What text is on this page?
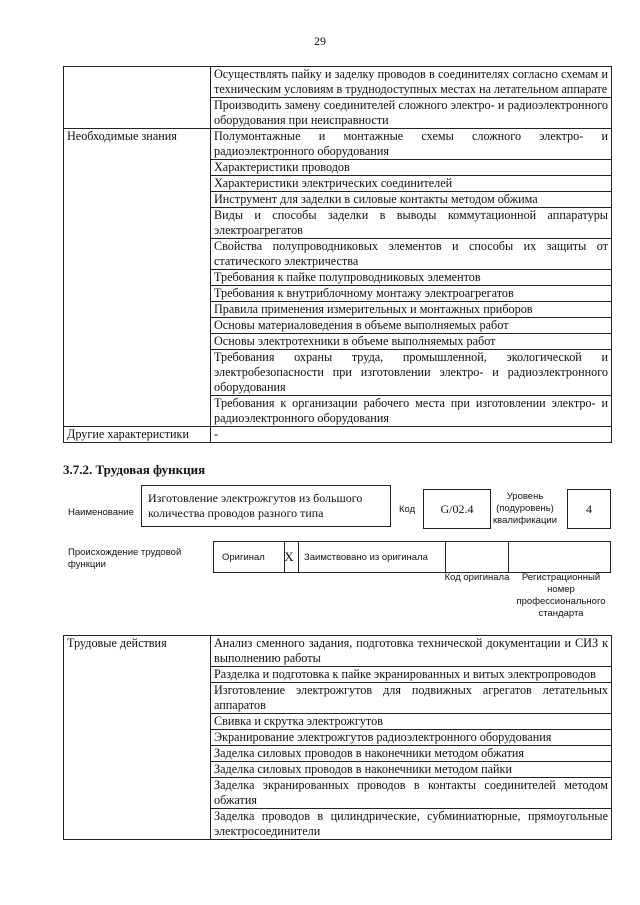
29
	Осуществлять пайку и заделку проводов в соединителях согласно схемам и техническим условиям в труднодоступных местах на летательном аппарате
	Производить замену соединителей сложного электро- и радиоэлектронного оборудования при неисправности
Необходимые знания	Полумонтажные и монтажные схемы сложного электро- и радиоэлектронного оборудования
	Характеристики проводов
	Характеристики электрических соединителей
	Инструмент для заделки в силовые контакты методом обжима
	Виды и способы заделки в выводы коммутационной аппаратуры электроагрегатов
	Свойства полупроводниковых элементов и способы их защиты от статического электричества
	Требования к пайке полупроводниковых элементов
	Требования к внутриблочному монтажу электроагрегатов
	Правила применения измерительных и монтажных приборов
	Основы материаловедения в объеме выполняемых работ
	Основы электротехники в объеме выполняемых работ
	Требования охраны труда, промышленной, экологической и электробезопасности при изготовлении электро- и радиоэлектронного оборудования
	Требования к организации рабочего места при изготовлении электро- и радиоэлектронного оборудования
Другие характеристики	-
3.7.2. Трудовая функция
Наименование
Изготовление электрожгутов из большого количества проводов разного типа	Код	G/02.4
Уровень (подуровень) квалификации
4
Происхождение трудовой функции
Оригинал	X	Заимствовано из оригинала
Код оригинала	Регистрационный номер профессионального стандарта
Трудовые действия	Анализ сменного задания, подготовка технической документации и СИЗ к выполнению работы
Разделка и подготовка к пайке экранированных и витых электропроводов
Изготовление электрожгутов для подвижных агрегатов летательных аппаратов
Свивка и скрутка электрожгутов
Экранирование электрожгутов радиоэлектронного оборудования
Заделка силовых проводов в наконечники методом обжатия
Заделка силовых проводов в наконечники методом пайки
Заделка экранированных проводов в контакты соединителей методом обжатия
Заделка проводов в цилиндрические, субминиатюрные, прямоугольные электросоединители
